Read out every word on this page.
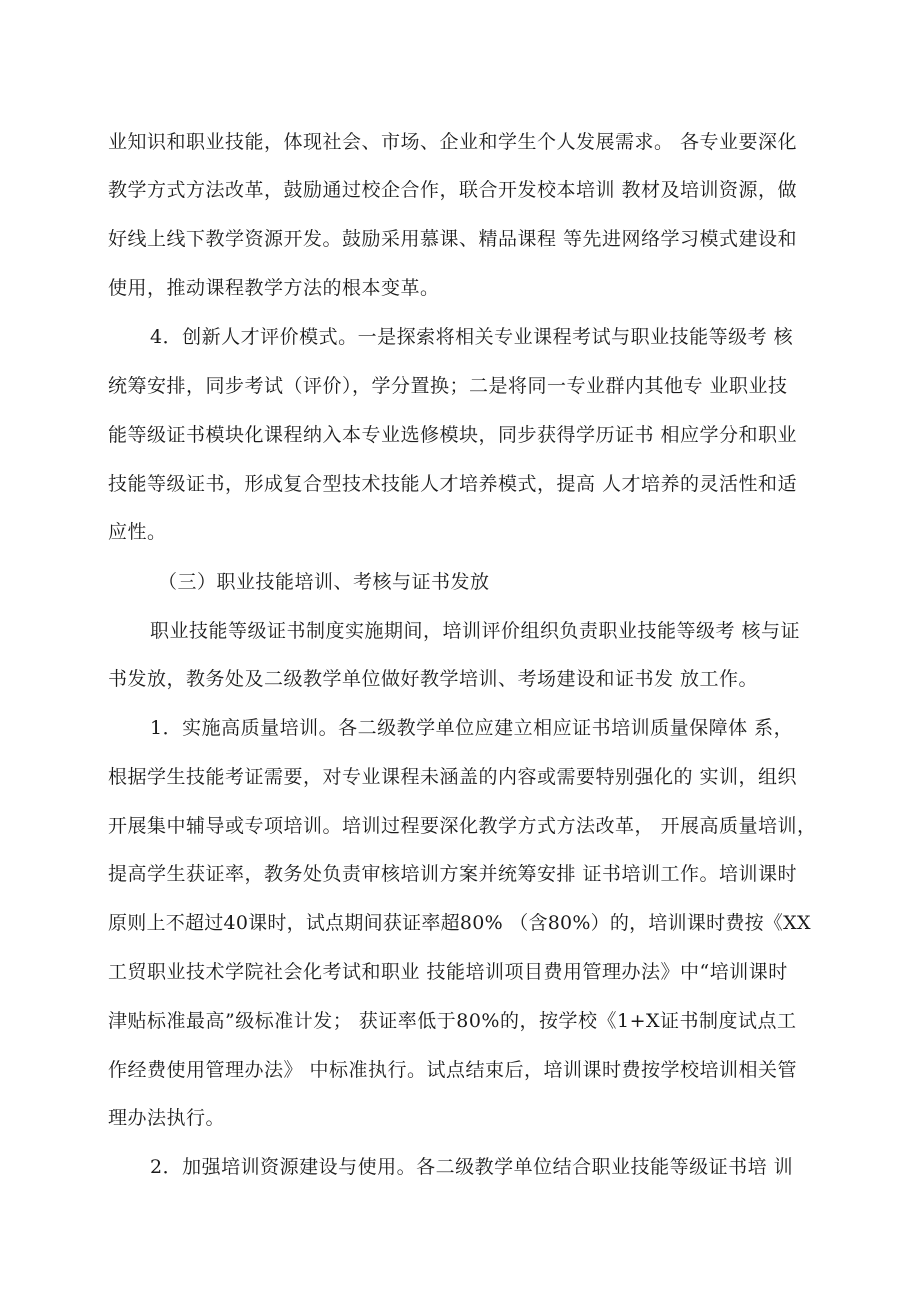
业知识和职业技能，体现社会、市场、企业和学生个人发展需求。 各专业要深化
教学方式方法改革，鼓励通过校企合作，联合开发校本培训 教材及培训资源，做
好线上线下教学资源开发。鼓励采用慕课、精品课程 等先进网络学习模式建设和
使用，推动课程教学方法的根本变革。
4．创新人才评价模式。一是探索将相关专业课程考试与职业技能等级考 核
统筹安排，同步考试（评价），学分置换；二是将同一专业群内其他专 业职业技
能等级证书模块化课程纳入本专业选修模块，同步获得学历证书 相应学分和职业
技能等级证书，形成复合型技术技能人才培养模式，提高 人才培养的灵活性和适
应性。
（三）职业技能培训、考核与证书发放
职业技能等级证书制度实施期间，培训评价组织负责职业技能等级考 核与证
书发放，教务处及二级教学单位做好教学培训、考场建设和证书发 放工作。
1．实施高质量培训。各二级教学单位应建立相应证书培训质量保障体 系，
根据学生技能考证需要，对专业课程未涵盖的内容或需要特别强化的 实训，组织
开展集中辅导或专项培训。培训过程要深化教学方式方法改革， 开展高质量培训，
提高学生获证率，教务处负责审核培训方案并统筹安排 证书培训工作。培训课时
原则上不超过40课时，试点期间获证率超80% （含80%）的，培训课时费按《XX
工贸职业技术学院社会化考试和职业 技能培训项目费用管理办法》中“培训课时
津贴标准最高”级标准计发； 获证率低于80%的，按学校《1+X证书制度试点工
作经费使用管理办法》 中标准执行。试点结束后，培训课时费按学校培训相关管
理办法执行。
2．加强培训资源建设与使用。各二级教学单位结合职业技能等级证书培 训
